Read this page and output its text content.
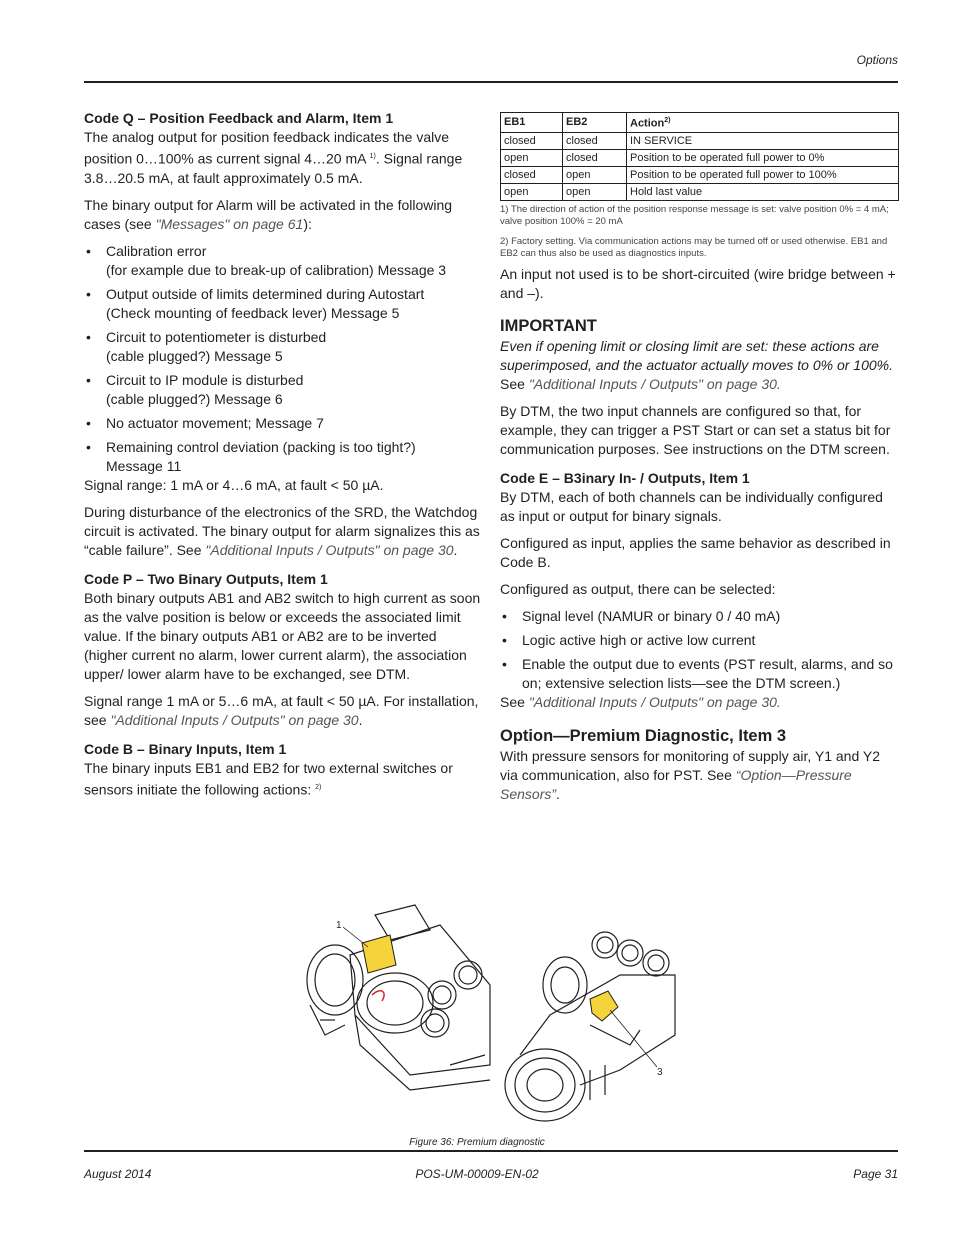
Options
Code Q – Position Feedback and Alarm, Item 1

The analog output for position feedback indicates the valve position 0…100% as current signal 4…20 mA $^{1)}$. Signal range 3.8…20.5 mA, at fault approximately 0.5 mA.

The binary output for Alarm will be activated in the following cases (see "Messages" on page 61):

• Calibration error
(for example due to break-up of calibration) Message 3
• Output outside of limits determined during Autostart
(Check mounting of feedback lever) Message 5
• Circuit to potentiometer is disturbed
(cable plugged?) Message 5
• Circuit to IP module is disturbed
(cable plugged?) Message 6
• No actuator movement; Message 7
• Remaining control deviation (packing is too tight?)
Message 11

Signal range: 1 mA or 4…6 mA, at fault < 50 µA.

During disturbance of the electronics of the SRD, the Watchdog circuit is activated. The binary output for alarm signalizes this as “cable failure”. See "Additional Inputs / Outputs" on page 30.

Code P – Two Binary Outputs, Item 1

Both binary outputs AB1 and AB2 switch to high current as soon as the valve position is below or exceeds the associated limit value. If the binary outputs AB1 or AB2 are to be inverted (higher current no alarm, lower current alarm), the association upper/ lower alarm have to be exchanged, see DTM.

Signal range 1 mA or 5…6 mA, at fault < 50 µA. For installation, see "Additional Inputs / Outputs" on page 30.

Code B – Binary Inputs, Item 1

The binary inputs EB1 and EB2 for two external switches or sensors initiate the following actions: $^{2)}$

EB1	EB2	Action$^{2)}$
closed	closed	IN SERVICE
open	closed	Position to be operated full power to 0%
closed	open	Position to be operated full power to 100%
open	open	Hold last value

1) The direction of action of the position response message is set: valve position 0% = 4 mA; valve position 100% = 20 mA

2) Factory setting. Via communication actions may be turned off or used otherwise. EB1 and EB2 can thus also be used as diagnostics inputs.

An input not used is to be short-circuited (wire bridge between + and –).

IMPORTANT
Even if opening limit or closing limit are set: these actions are superimposed, and the actuator actually moves to 0% or 100%.

See "Additional Inputs / Outputs" on page 30.

By DTM, the two input channels are configured so that, for example, they can trigger a PST Start or can set a status bit for communication purposes. See instructions on the DTM screen.

Code E – B3inary In- / Outputs, Item 1

By DTM, each of both channels can be individually configured as input or output for binary signals.

Configured as input, applies the same behavior as described in Code B.

Configured as output, there can be selected:

• Signal level (NAMUR or binary 0 / 40 mA)
• Logic active high or active low current
• Enable the output due to events (PST result, alarms, and so on; extensive selection lists—see the DTM screen.)

See "Additional Inputs / Outputs" on page 30.

Option—Premium Diagnostic, Item 3

With pressure sensors for monitoring of supply air, Y1 and Y2 via communication, also for PST. See “Option—Pressure Sensors”.

1
3
Figure 36: Premium diagnostic
August 2014	POS-UM-00009-EN-02	Page 31
